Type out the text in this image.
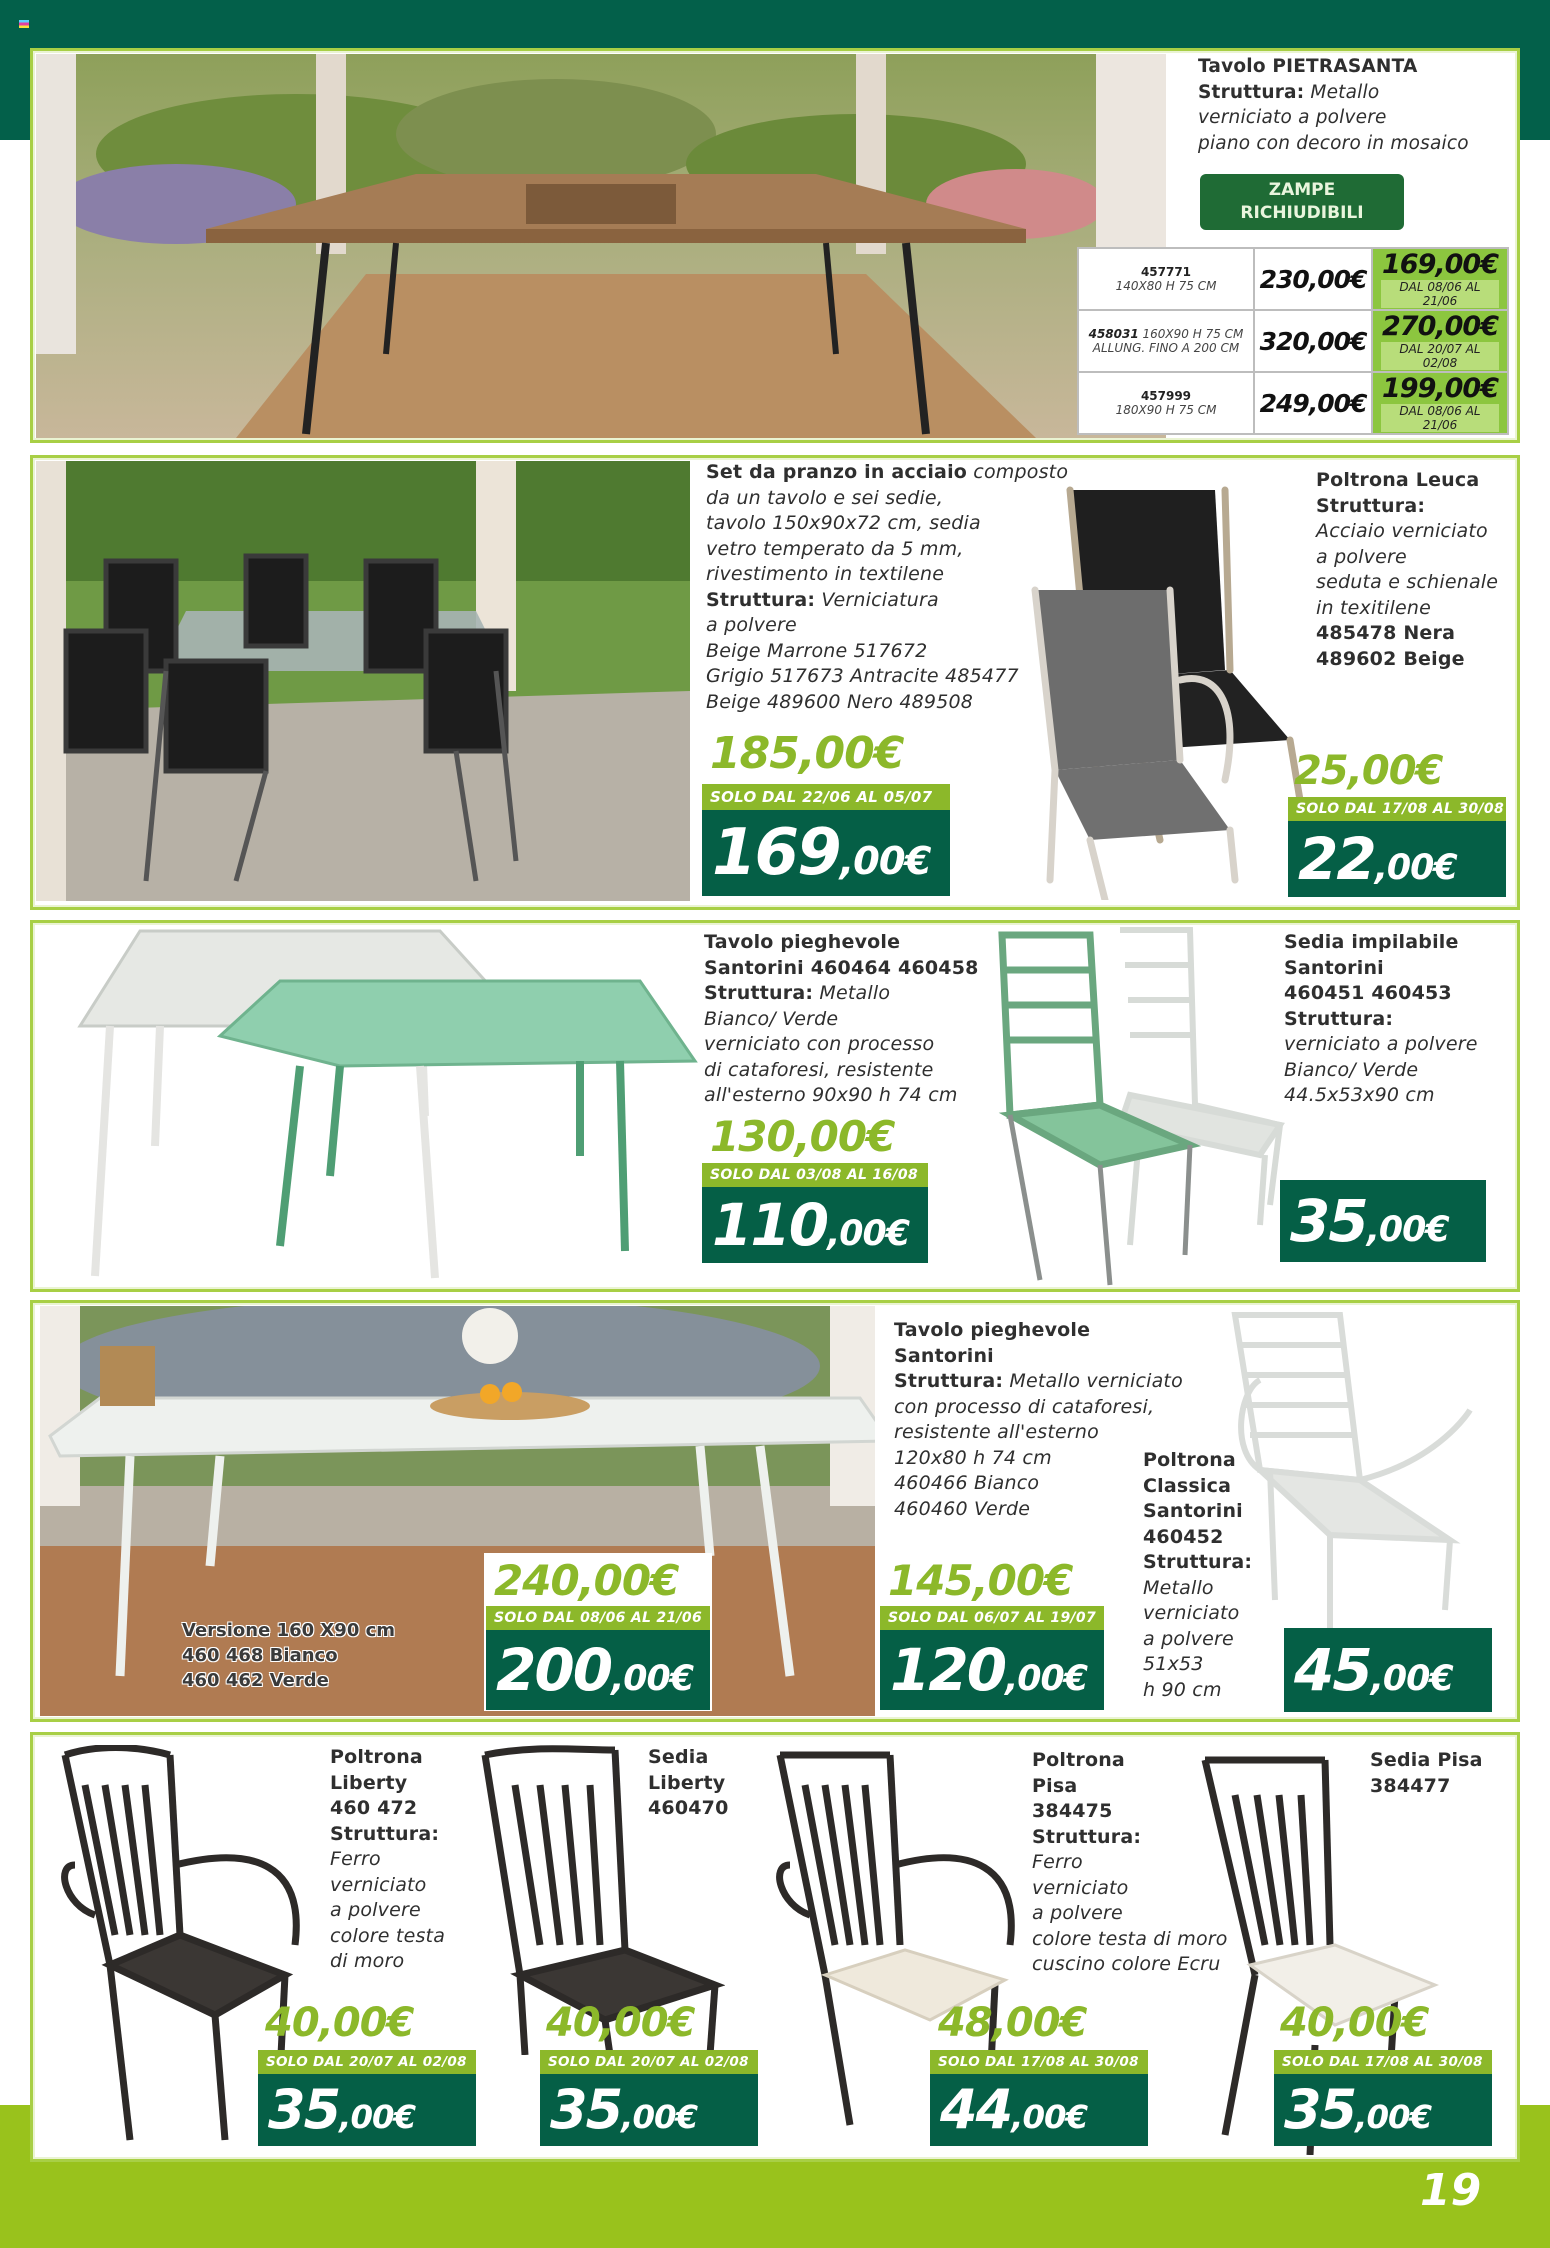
Tavolo PIETRASANTA
Struttura: Metallo
verniciato a polvere
piano con decoro in mosaico
ZAMPE
RICHIUDIBILI
457771
140X80 H 75 CM	230,00€	169,00€
DAL 08/06 AL 21/06

458031 160X90 H 75 CM
ALLUNG. FINO A 200 CM	320,00€	270,00€
DAL 20/07 AL 02/08

457999
180X90 H 75 CM	249,00€	199,00€
DAL 08/06 AL 21/06
Set da pranzo in acciaio composto
da un tavolo e sei sedie,
tavolo 150x90x72 cm, sedia
vetro temperato da 5 mm,
rivestimento in textilene
Struttura: Verniciatura
a polvere
Beige Marrone 517672
Grigio 517673 Antracite 485477
Beige 489600 Nero 489508
185,00€
SOLO DAL 22/06 AL 05/07
169,00€
Poltrona Leuca
Struttura:
Acciaio verniciato
a polvere
seduta e schienale
in texitilene
485478 Nera
489602 Beige
25,00€
SOLO DAL 17/08 AL 30/08
22,00€
Tavolo pieghevole
Santorini 460464 460458
Struttura: Metallo
Bianco/ Verde
verniciato con processo
di cataforesi, resistente
all'esterno 90x90 h 74 cm
130,00€
SOLO DAL 03/08 AL 16/08
110,00€
Sedia impilabile
Santorini
460451 460453
Struttura:
verniciato a polvere
Bianco/ Verde
44.5x53x90 cm
35,00€
Versione 160 X90 cm
460 468 Bianco
460 462 Verde
240,00€
SOLO DAL 08/06 AL 21/06
200,00€
Tavolo pieghevole
Santorini
Struttura: Metallo verniciato
con processo di cataforesi,
resistente all'esterno
120x80 h 74 cm
460466 Bianco
460460 Verde
145,00€
SOLO DAL 06/07 AL 19/07
120,00€
Poltrona
Classica
Santorini
460452
Struttura:
Metallo
verniciato
a polvere
51x53
h 90 cm	45,00€
Poltrona
Liberty
460 472
Struttura:
Ferro
verniciato
a polvere
colore testa
di moro
Sedia
Liberty
460470
Poltrona
Pisa
384475
Struttura:
Ferro
verniciato
a polvere
colore testa di moro
cuscino colore Ecru
Sedia Pisa
384477
40,00€
SOLO DAL 20/07 AL 02/08
35,00€
40,00€
SOLO DAL 20/07 AL 02/08
35,00€
48,00€
SOLO DAL 17/08 AL 30/08
44,00€
40,00€
SOLO DAL 17/08 AL 30/08
35,00€
19
